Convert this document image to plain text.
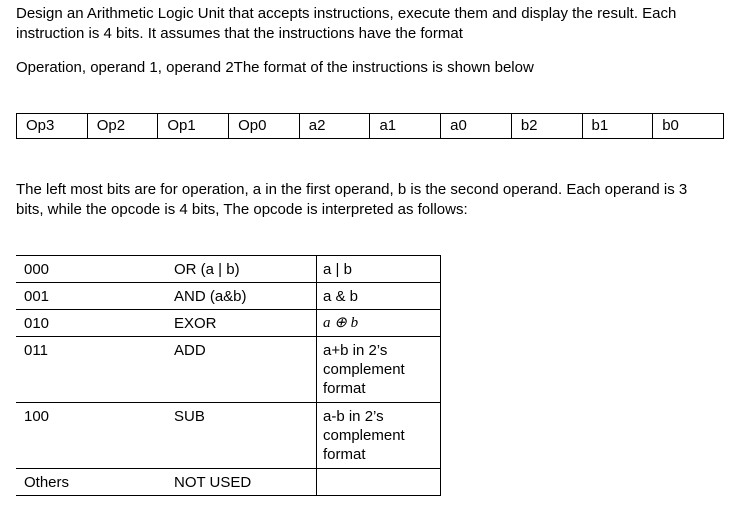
Design an Arithmetic Logic Unit that accepts instructions, execute them and display the result. Each instruction is 4 bits. It assumes that the instructions have the format

Operation, operand 1, operand 2The format of the instructions is shown below

Op3	Op2	Op1	Op0	a2	a1	a0	b2	b1	b0

The left most bits are for operation, a in the first operand, b is the second operand. Each operand is 3 bits, while the opcode is 4 bits, The opcode is interpreted as follows:

000	OR (a | b)	a | b
001	AND (a&b)	a & b
010	EXOR	a ⊕ b
011	ADD	a+b in 2’s complement format
100	SUB	a-b in 2’s complement format
Others	NOT USED	
